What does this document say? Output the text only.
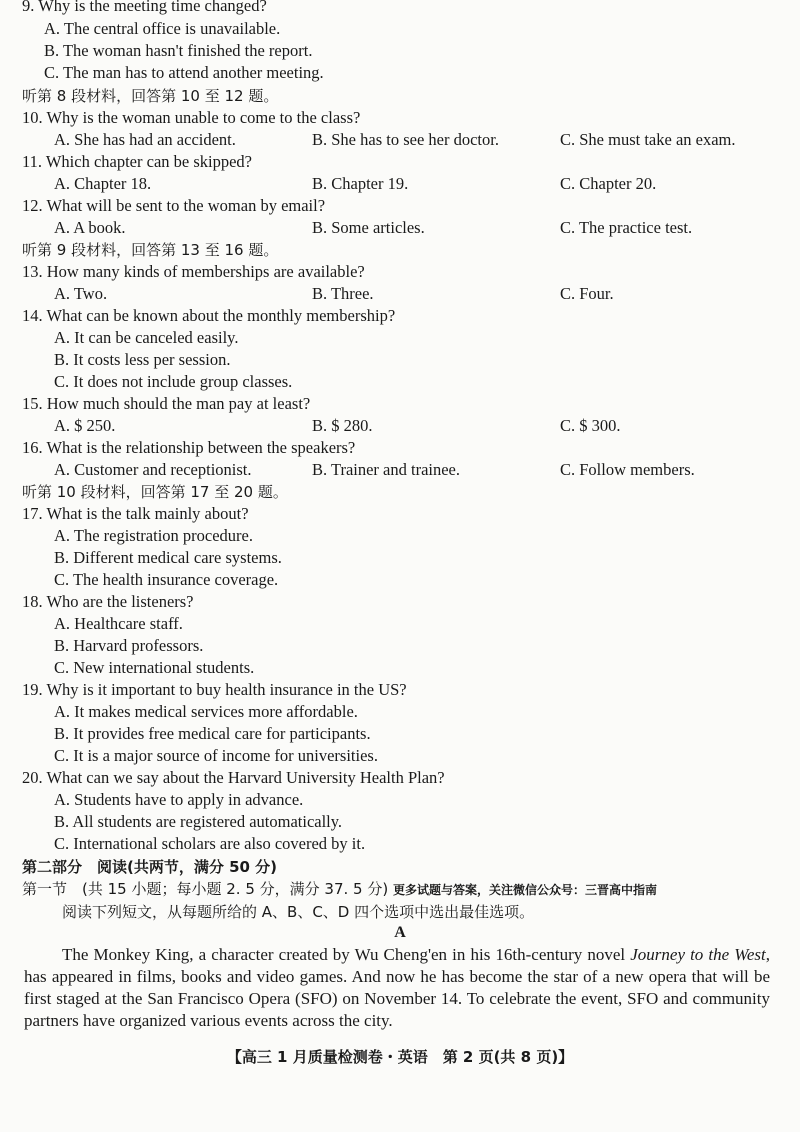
9. Why is the meeting time changed?
A. The central office is unavailable.
B. The woman hasn't finished the report.
C. The man has to attend another meeting.
听第 8 段材料，回答第 10 至 12 题。
10. Why is the woman unable to come to the class?
A. She has had an accident.	B. She has to see her doctor.	C. She must take an exam.
11. Which chapter can be skipped?
A. Chapter 18.	B. Chapter 19.	C. Chapter 20.
12. What will be sent to the woman by email?
A. A book.	B. Some articles.	C. The practice test.
听第 9 段材料，回答第 13 至 16 题。
13. How many kinds of memberships are available?
A. Two.	B. Three.	C. Four.
14. What can be known about the monthly membership?
A. It can be canceled easily.
B. It costs less per session.
C. It does not include group classes.
15. How much should the man pay at least?
A. $ 250.	B. $ 280.	C. $ 300.
16. What is the relationship between the speakers?
A. Customer and receptionist.	B. Trainer and trainee.	C. Follow members.
听第 10 段材料，回答第 17 至 20 题。
17. What is the talk mainly about?
A. The registration procedure.
B. Different medical care systems.
C. The health insurance coverage.
18. Who are the listeners?
A. Healthcare staff.
B. Harvard professors.
C. New international students.
19. Why is it important to buy health insurance in the US?
A. It makes medical services more affordable.
B. It provides free medical care for participants.
C. It is a major source of income for universities.
20. What can we say about the Harvard University Health Plan?
A. Students have to apply in advance.
B. All students are registered automatically.
C. International scholars are also covered by it.
第二部分　阅读(共两节，满分 50 分)
第一节　(共 15 小题；每小题 2. 5 分，满分 37. 5 分) 更多试题与答案，关注微信公众号：三晋高中指南
阅读下列短文，从每题所给的 A、B、C、D 四个选项中选出最佳选项。
A
The Monkey King, a character created by Wu Cheng'en in his 16th-century novel Journey to the West, has appeared in films, books and video games. And now he has become the star of a new opera that will be first staged at the San Francisco Opera (SFO) on November 14. To celebrate the event, SFO and community partners have organized various events across the city.
【高三 1 月质量检测卷・英语　第 2 页(共 8 页)】
